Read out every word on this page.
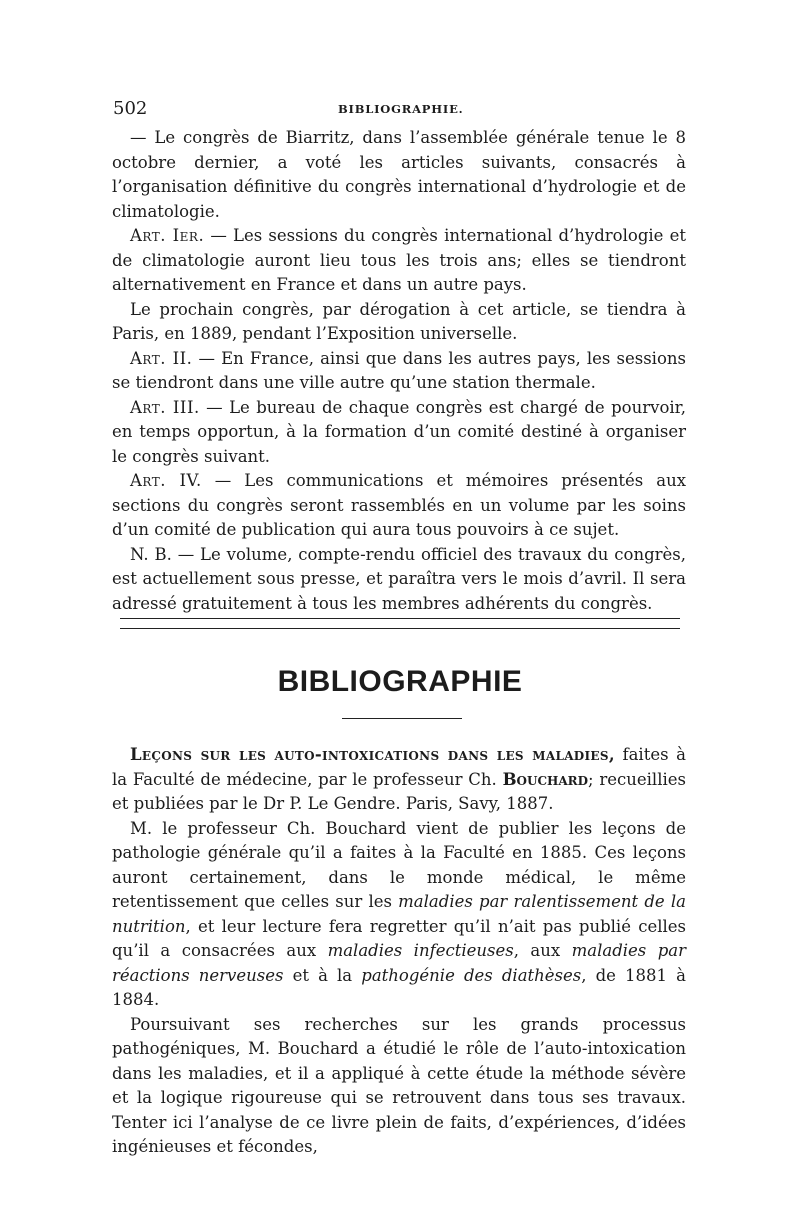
502	BIBLIOGRAPHIE.

— Le congrès de Biarritz, dans l’assemblée générale tenue le 8 octobre dernier, a voté les articles suivants, consacrés à l’organisation définitive du congrès international d’hydrologie et de climatologie.

Art. Ier. — Les sessions du congrès international d’hydrologie et de climatologie auront lieu tous les trois ans; elles se tiendront alternativement en France et dans un autre pays.

Le prochain congrès, par dérogation à cet article, se tiendra à Paris, en 1889, pendant l’Exposition universelle.

Art. II. — En France, ainsi que dans les autres pays, les sessions se tiendront dans une ville autre qu’une station thermale.

Art. III. — Le bureau de chaque congrès est chargé de pourvoir, en temps opportun, à la formation d’un comité destiné à organiser le congrès suivant.

Art. IV. — Les communications et mémoires présentés aux sections du congrès seront rassemblés en un volume par les soins d’un comité de publication qui aura tous pouvoirs à ce sujet.

N. B. — Le volume, compte-rendu officiel des travaux du congrès, est actuellement sous presse, et paraîtra vers le mois d’avril. Il sera adressé gratuitement à tous les membres adhérents du congrès.

BIBLIOGRAPHIE

Leçons sur les auto-intoxications dans les maladies, faites à la Faculté de médecine, par le professeur Ch. Bouchard; recueillies et publiées par le Dr P. Le Gendre. Paris, Savy, 1887.

M. le professeur Ch. Bouchard vient de publier les leçons de pathologie générale qu’il a faites à la Faculté en 1885. Ces leçons auront certainement, dans le monde médical, le même retentissement que celles sur les maladies par ralentissement de la nutrition, et leur lecture fera regretter qu’il n’ait pas publié celles qu’il a consacrées aux maladies infectieuses, aux maladies par réactions nerveuses et à la pathogénie des diathèses, de 1881 à 1884.

Poursuivant ses recherches sur les grands processus pathogéniques, M. Bouchard a étudié le rôle de l’auto-intoxication dans les maladies, et il a appliqué à cette étude la méthode sévère et la logique rigoureuse qui se retrouvent dans tous ses travaux. Tenter ici l’analyse de ce livre plein de faits, d’expériences, d’idées ingénieuses et fécondes,
